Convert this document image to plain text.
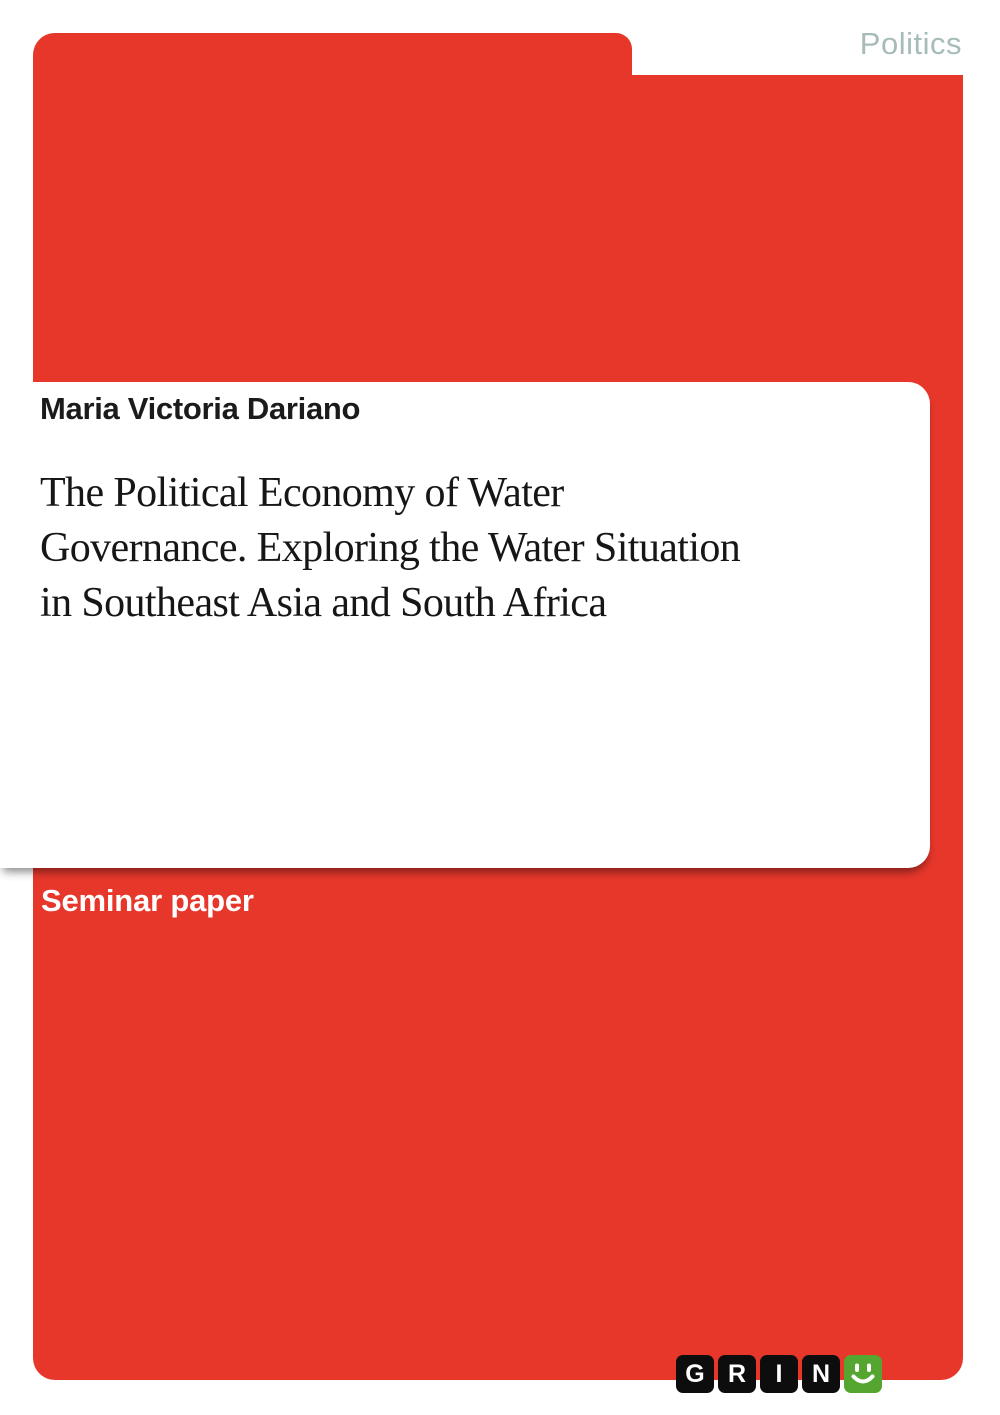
Politics
Maria Victoria Dariano
The Political Economy of Water
Governance. Exploring the Water Situation
in Southeast Asia and South Africa
Seminar paper
G R	I	N
